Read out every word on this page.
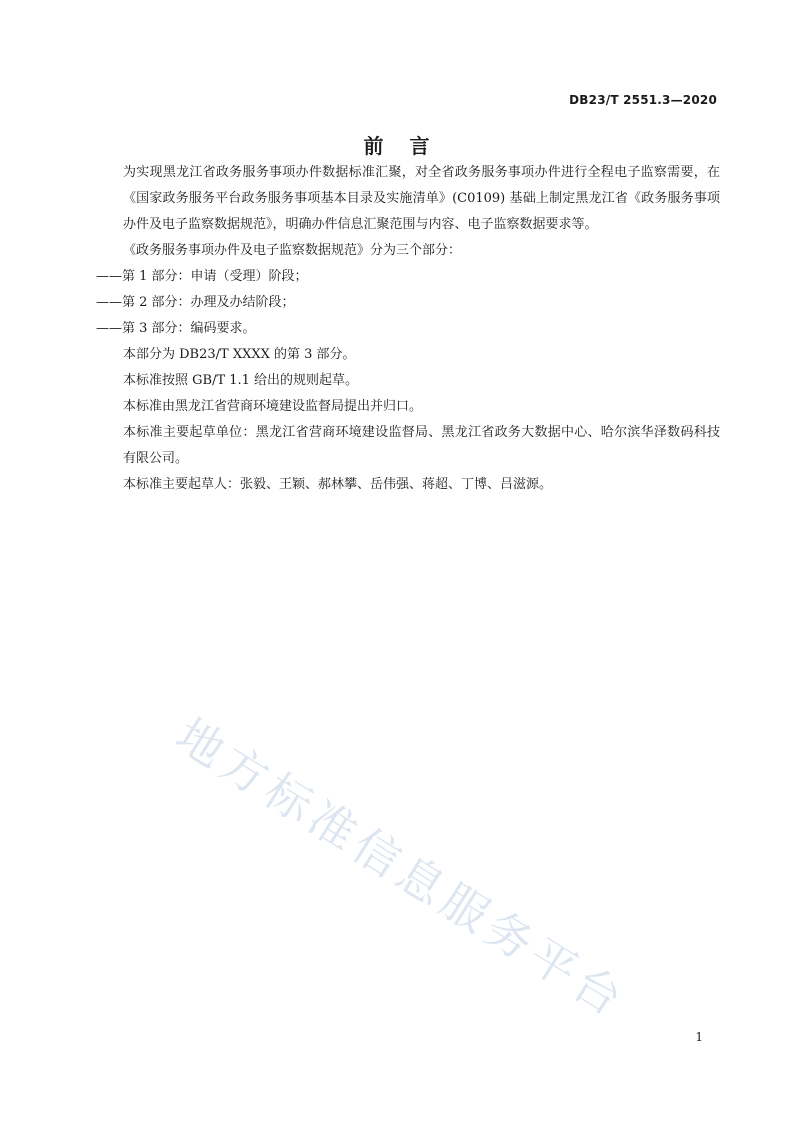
DB23/T 2551.3—2020
前 言

为实现黑龙江省政务服务事项办件数据标准汇聚，对全省政务服务事项办件进行全程电子监察需要，在《国家政务服务平台政务服务事项基本目录及实施清单》(C0109) 基础上制定黑龙江省《政务服务事项办件及电子监察数据规范》，明确办件信息汇聚范围与内容、电子监察数据要求等。

《政务服务事项办件及电子监察数据规范》分为三个部分：

——第 1 部分：申请（受理）阶段；

——第 2 部分：办理及办结阶段；

——第 3 部分：编码要求。

本部分为 DB23/T XXXX 的第 3 部分。

本标准按照 GB/T 1.1 给出的规则起草。

本标准由黑龙江省营商环境建设监督局提出并归口。

本标准主要起草单位：黑龙江省营商环境建设监督局、黑龙江省政务大数据中心、哈尔滨华泽数码科技有限公司。

本标准主要起草人：张毅、王颖、郝林攀、岳伟强、蒋超、丁博、吕滋源。

地方标准信息服务平台
1
